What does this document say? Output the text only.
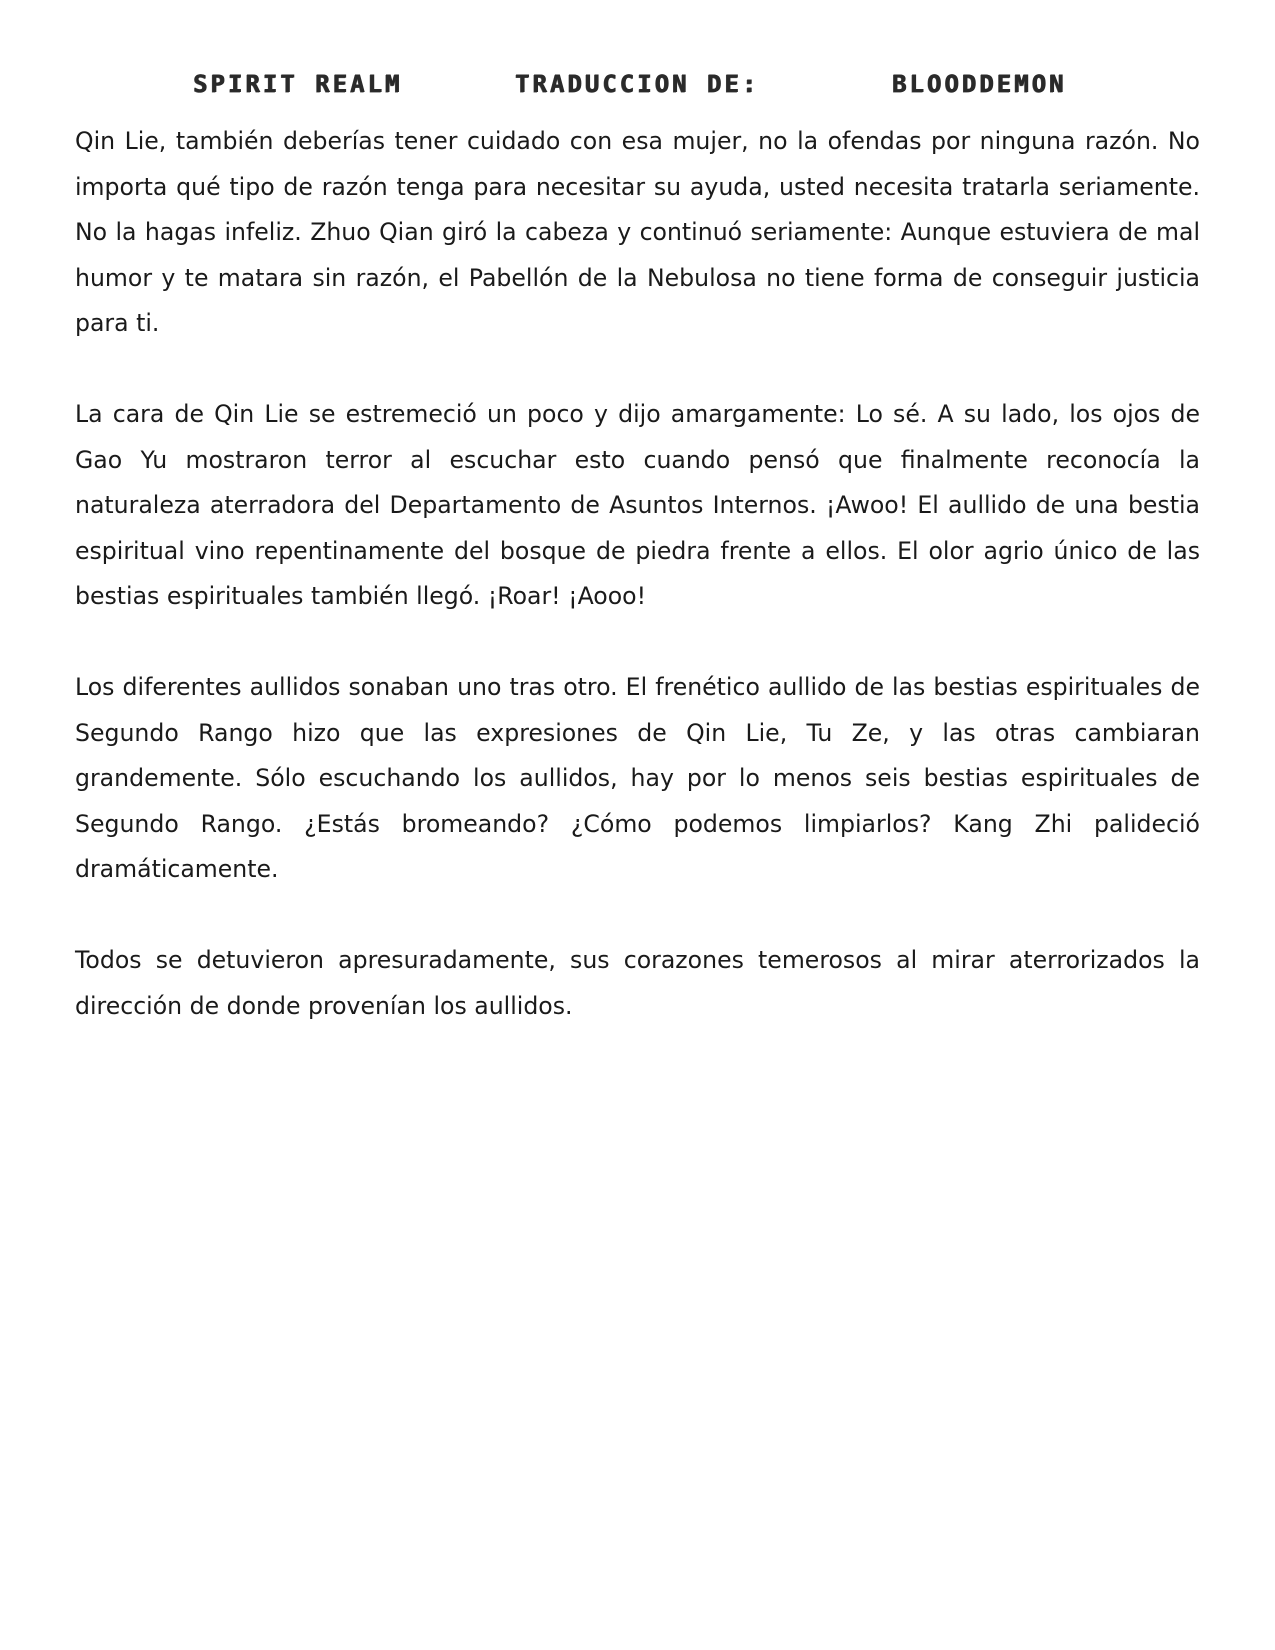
SPIRIT REALM	TRADUCCION DE:	BLOODDEMON

Qin Lie, también deberías tener cuidado con esa mujer, no la ofendas por ninguna razón. No importa qué tipo de razón tenga para necesitar su ayuda, usted necesita tratarla seriamente. No la hagas infeliz. Zhuo Qian giró la cabeza y continuó seriamente: Aunque estuviera de mal humor y te matara sin razón, el Pabellón de la Nebulosa no tiene forma de conseguir justicia para ti.

La cara de Qin Lie se estremeció un poco y dijo amargamente: Lo sé. A su lado, los ojos de Gao Yu mostraron terror al escuchar esto cuando pensó que finalmente reconocía la naturaleza aterradora del Departamento de Asuntos Internos. ¡Awoo! El aullido de una bestia espiritual vino repentinamente del bosque de piedra frente a ellos. El olor agrio único de las bestias espirituales también llegó. ¡Roar! ¡Aooo!

Los diferentes aullidos sonaban uno tras otro. El frenético aullido de las bestias espirituales de Segundo Rango hizo que las expresiones de Qin Lie, Tu Ze, y las otras cambiaran grandemente. Sólo escuchando los aullidos, hay por lo menos seis bestias espirituales de Segundo Rango. ¿Estás bromeando? ¿Cómo podemos limpiarlos? Kang Zhi palideció dramáticamente.

Todos se detuvieron apresuradamente, sus corazones temerosos al mirar aterrorizados la dirección de donde provenían los aullidos.
